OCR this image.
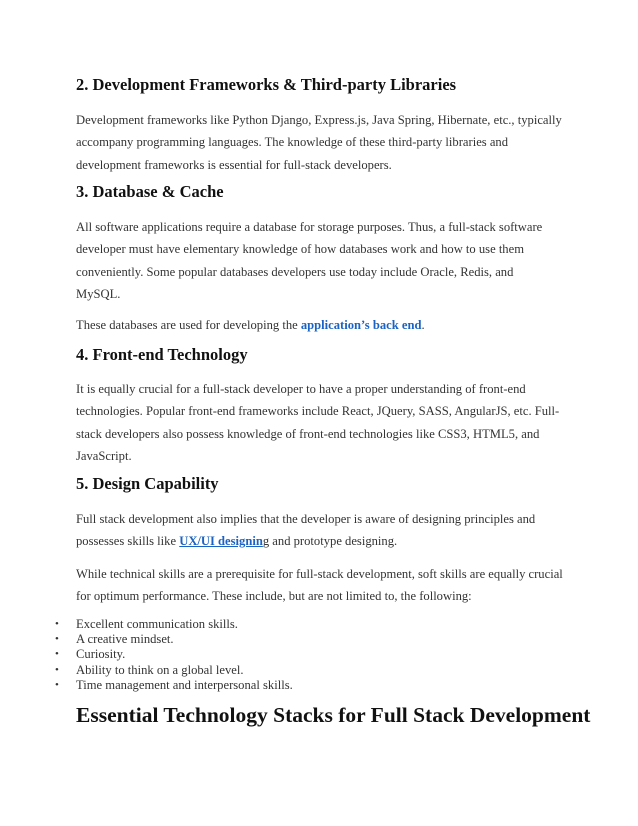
2. Development Frameworks & Third-party Libraries

Development frameworks like Python Django, Express.js, Java Spring, Hibernate, etc., typically
accompany programming languages. The knowledge of these third-party libraries and
development frameworks is essential for full-stack developers.

3. Database & Cache

All software applications require a database for storage purposes. Thus, a full-stack software
developer must have elementary knowledge of how databases work and how to use them
conveniently. Some popular databases developers use today include Oracle, Redis, and
MySQL.

These databases are used for developing the application’s back end.

4. Front-end Technology

It is equally crucial for a full-stack developer to have a proper understanding of front-end
technologies. Popular front-end frameworks include React, JQuery, SASS, AngularJS, etc. Full-
stack developers also possess knowledge of front-end technologies like CSS3, HTML5, and
JavaScript.

5. Design Capability

Full stack development also implies that the developer is aware of designing principles and
possesses skills like UX/UI designing and prototype designing.

While technical skills are a prerequisite for full-stack development, soft skills are equally crucial
for optimum performance. These include, but are not limited to, the following:

• Excellent communication skills.
• A creative mindset.
• Curiosity.
• Ability to think on a global level.
• Time management and interpersonal skills.
Essential Technology Stacks for Full Stack Development
